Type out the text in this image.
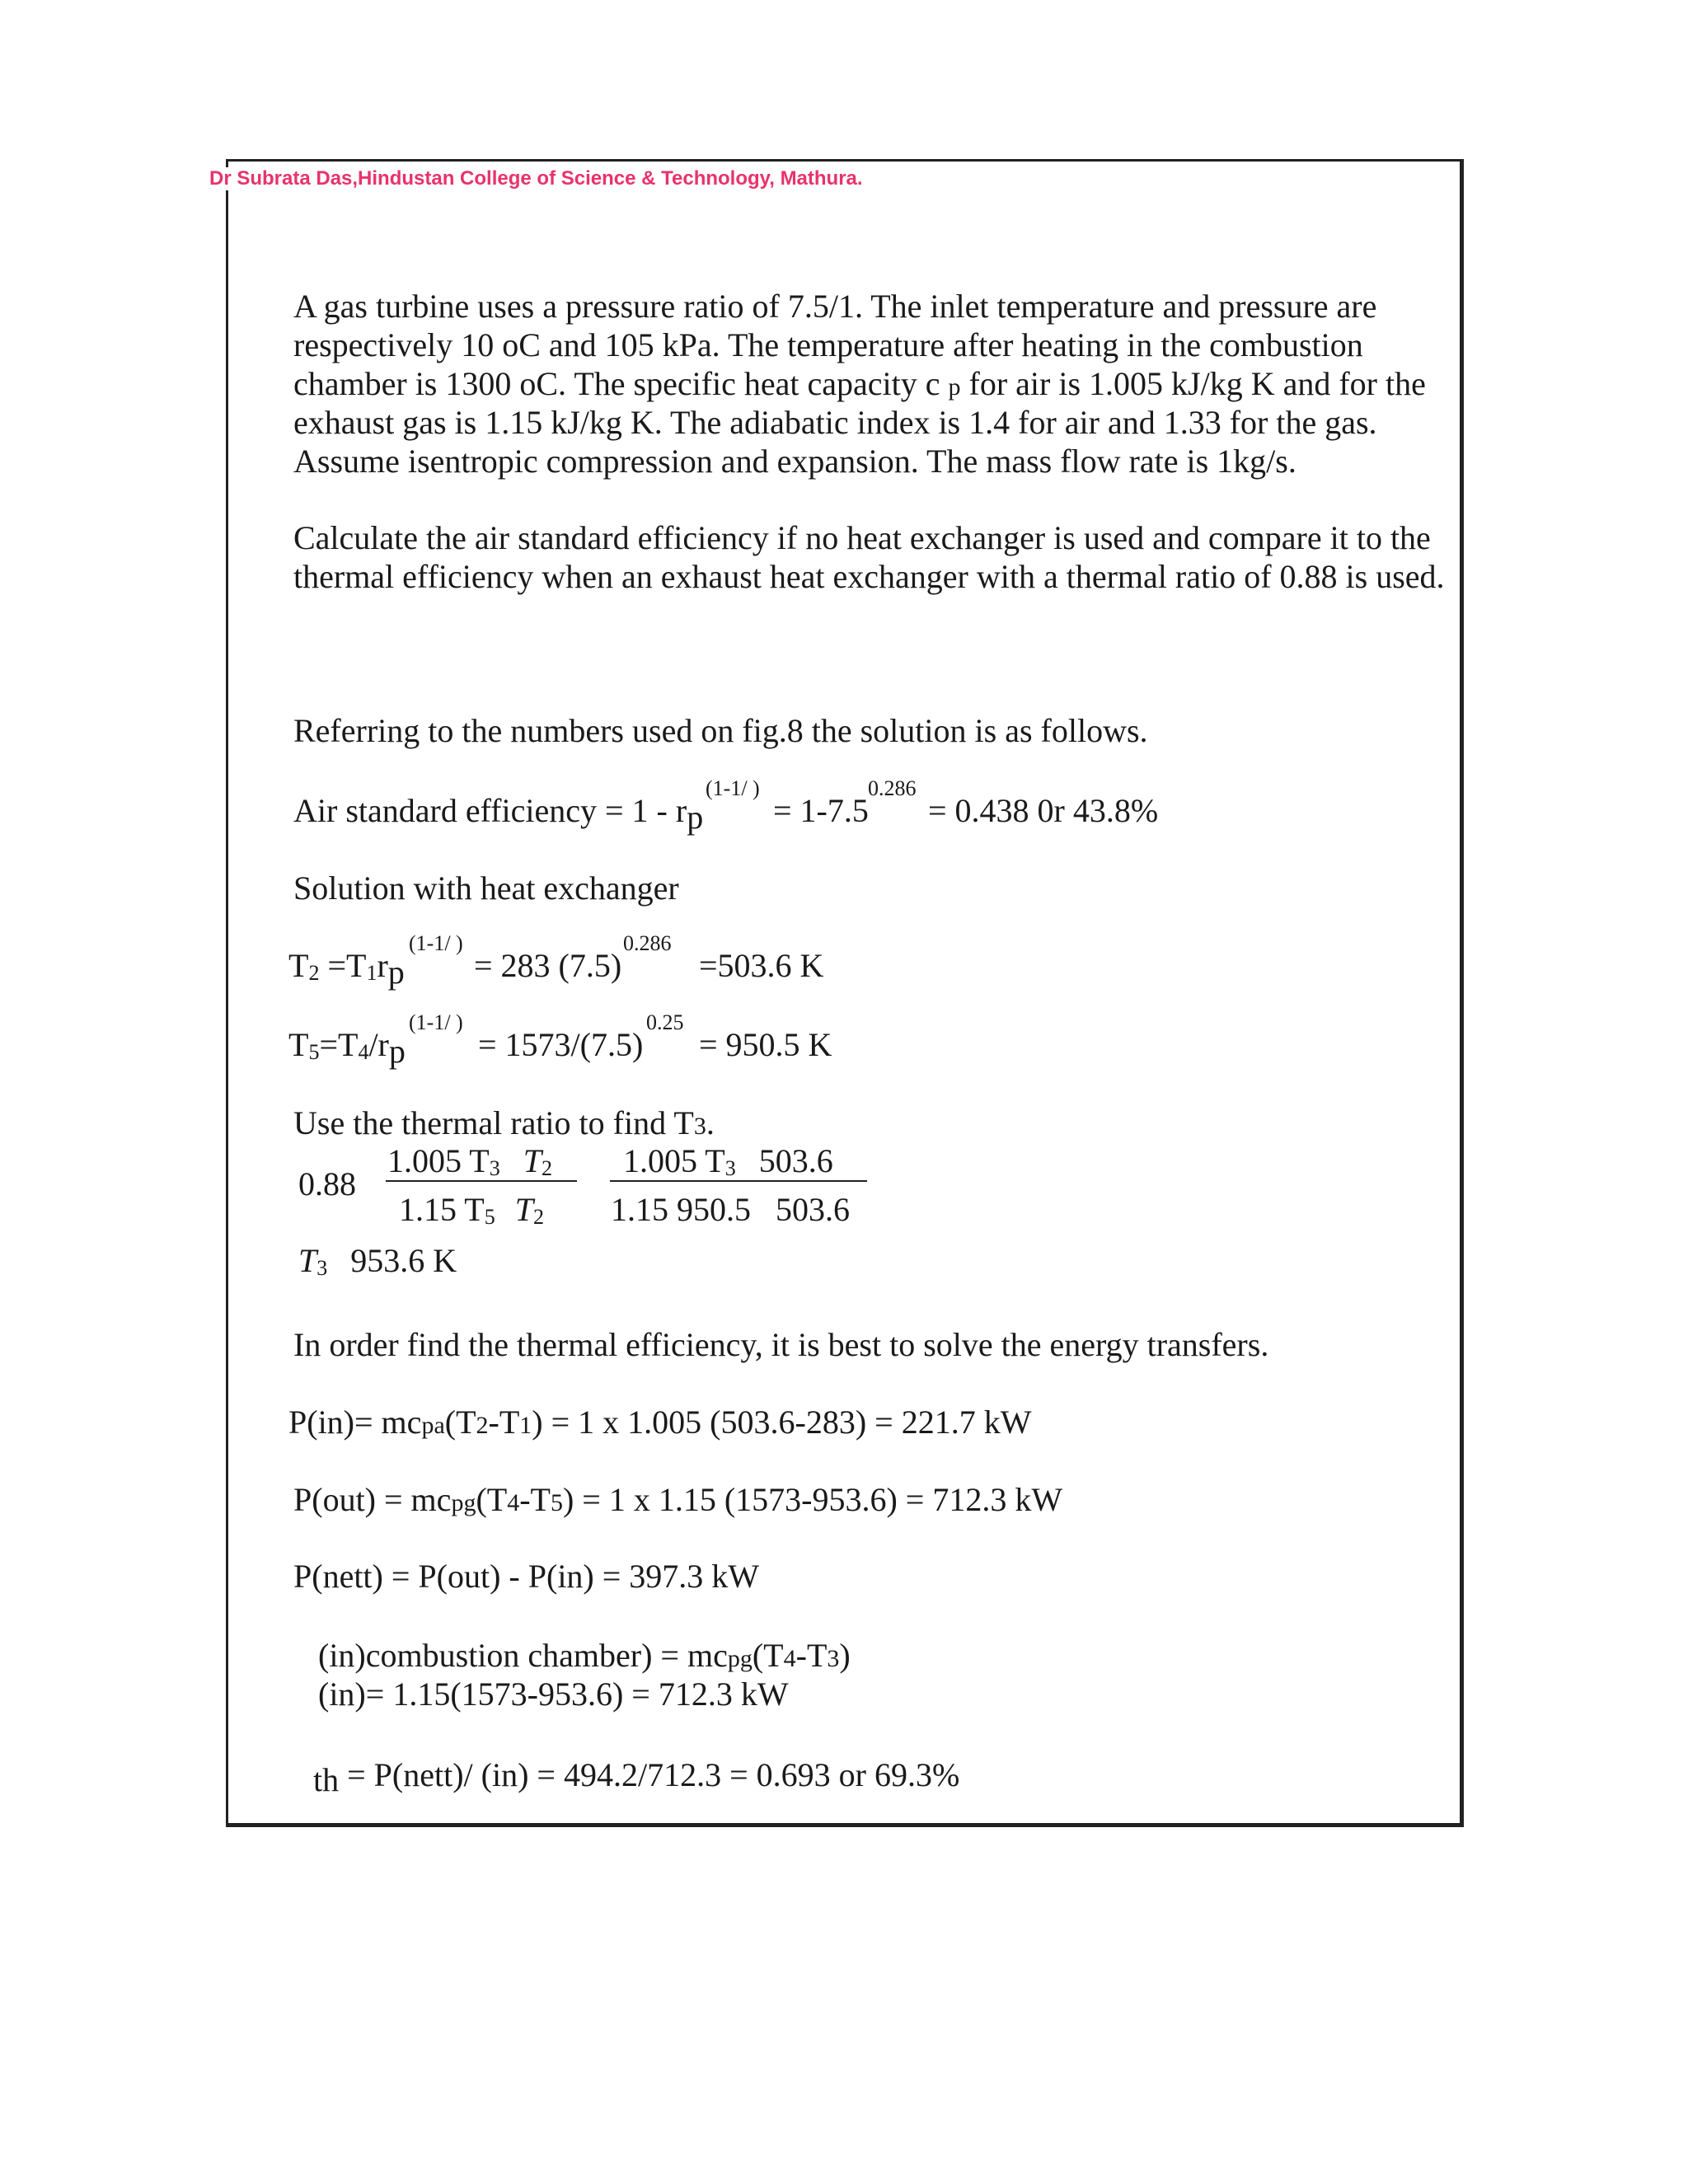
Dr Subrata Das,Hindustan College of Science & Technology, Mathura.

A gas turbine uses a pressure ratio of 7.5/1. The inlet temperature and pressure are

respectively 10 oC and 105 kPa. The temperature after heating in the combustion

chamber is 1300 oC. The specific heat capacity c p for air is 1.005 kJ/kg K and for the

exhaust gas is 1.15 kJ/kg K. The adiabatic index is 1.4 for air and 1.33 for the gas.

Assume isentropic compression and expansion. The mass flow rate is 1kg/s.

Calculate the air standard efficiency if no heat exchanger is used and compare it to the

thermal efficiency when an exhaust heat exchanger with a thermal ratio of 0.88 is used.

Referring to the numbers used on fig.8 the solution is as follows.

Air standard efficiency = 1 - rp

(1-1/ )

= 1-7.5

0.286

= 0.438 0r 43.8%

Solution with heat exchanger

T2 =T1rp

(1-1/ )

= 283 (7.5)

0.286

=503.6 K

T5=T4/rp

(1-1/ )

= 1573/(7.5)

0.25

= 950.5 K

Use the thermal ratio to find T3.

0.88

1.005 T3 T2

1.15 T5 T2

1.005 T3 503.6

1.15 950.5   503.6

T3 953.6 K

In order find the thermal efficiency, it is best to solve the energy transfers.

P(in)= mcpa(T2-T1) = 1 x 1.005 (503.6-283) = 221.7 kW

P(out) = mcpg(T4-T5) = 1 x 1.15 (1573-953.6) = 712.3 kW

P(nett) = P(out) - P(in) = 397.3 kW

(in)combustion chamber) = mcpg(T4-T3)

(in)= 1.15(1573-953.6) = 712.3 kW

th = P(nett)/ (in) = 494.2/712.3 = 0.693 or 69.3%
